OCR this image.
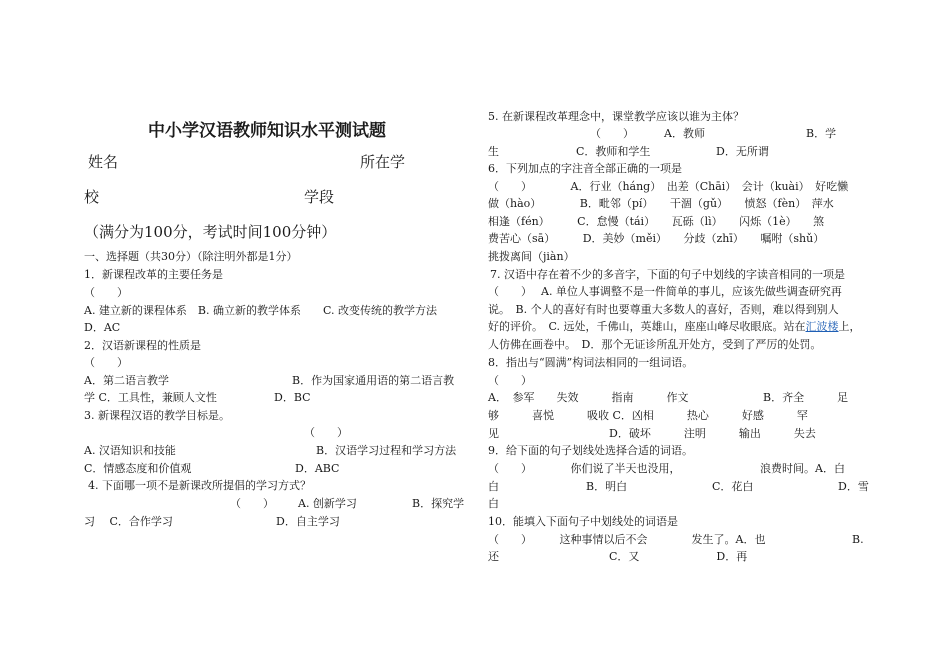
中小学汉语教师知识水平测试题
姓名	所在学
校	学段
（满分为100分，考试时间100分钟）
一、选择题（共30分）（除注明外都是1分）
1．新课程改革的主要任务是
（　　）
A. 建立新的课程体系　B. 确立新的教学体系　　C. 改变传统的教学方法
D．AC
2．汉语新课程的性质是
（　　）
A．第二语言教学	B．作为国家通用语的第二语言教
学 C．工具性，兼顾人文性	D．BC
3. 新课程汉语的教学目标是。
（　　）
A. 汉语知识和技能	B．汉语学习过程和学习方法
C．情感态度和价值观	D．ABC
4. 下面哪一项不是新课改所提倡的学习方式？
（　　） A. 创新学习	B．探究学
习　 C．合作学习	D．自主学习
5. 在新课程改革理念中，课堂教学应该以谁为主体？
（　　）	A．教师	B．学
生　　　　　　　C．教师和学生	D．无所谓
6．下列加点的字注音全部正确的一项是
（　　）　　　　A．行业（háng）　出差（Chāi）　会计（kuài）　好吃懒
做（hào）　　　　B．毗邻（pí）　　干涸（gǔ）　　愤怒（fèn）　萍水
相逢（fén）　　　C．怠慢（tái）　　瓦砾（lì）　　闪烁（1è）　　煞
费苦心（sā）　　　D．美妙（měi）　　分歧（zhī）　　嘱咐（shǔ）
挑拨离间（jiàn）
7. 汉语中存在着不少的多音字，下面的句子中划线的字读音相同的一项是
（　　）　 A. 单位人事调整不是一件简单的事儿，应该先做些调查研究再
说。　B. 个人的喜好有时也要尊重大多数人的喜好，否则，难以得到别人
好的评价。　C. 远处，千佛山，英雄山，座座山峰尽收眼底。站在汇波楼上，
人仿佛在画卷中。　D．那个无证诊所乱开处方，受到了严厉的处罚。
8．指出与“圆满”构词法相同的一组词语。
（　　）
A．　参军　　失效　　　指南　　　作文	B．齐全　　　足
够　　　喜悦　　　吸收 C．凶相　　　热心　　　好感　　　罕
见　　　　　　　　　　D．破坏　　　注明　　　输出　　　失去
9．给下面的句子划线处选择合适的词语。
（　　）　　　　你们说了半天也没用，	浪费时间。A．白
白	B．明白	C．花白	D．雪
白
10．能填入下面句子中划线处的词语是
（　　）　　　这种事情以后不会　　　　发生了。A．也	B.
还　　　　　　　　　　C．又　　　　　　　D．再
